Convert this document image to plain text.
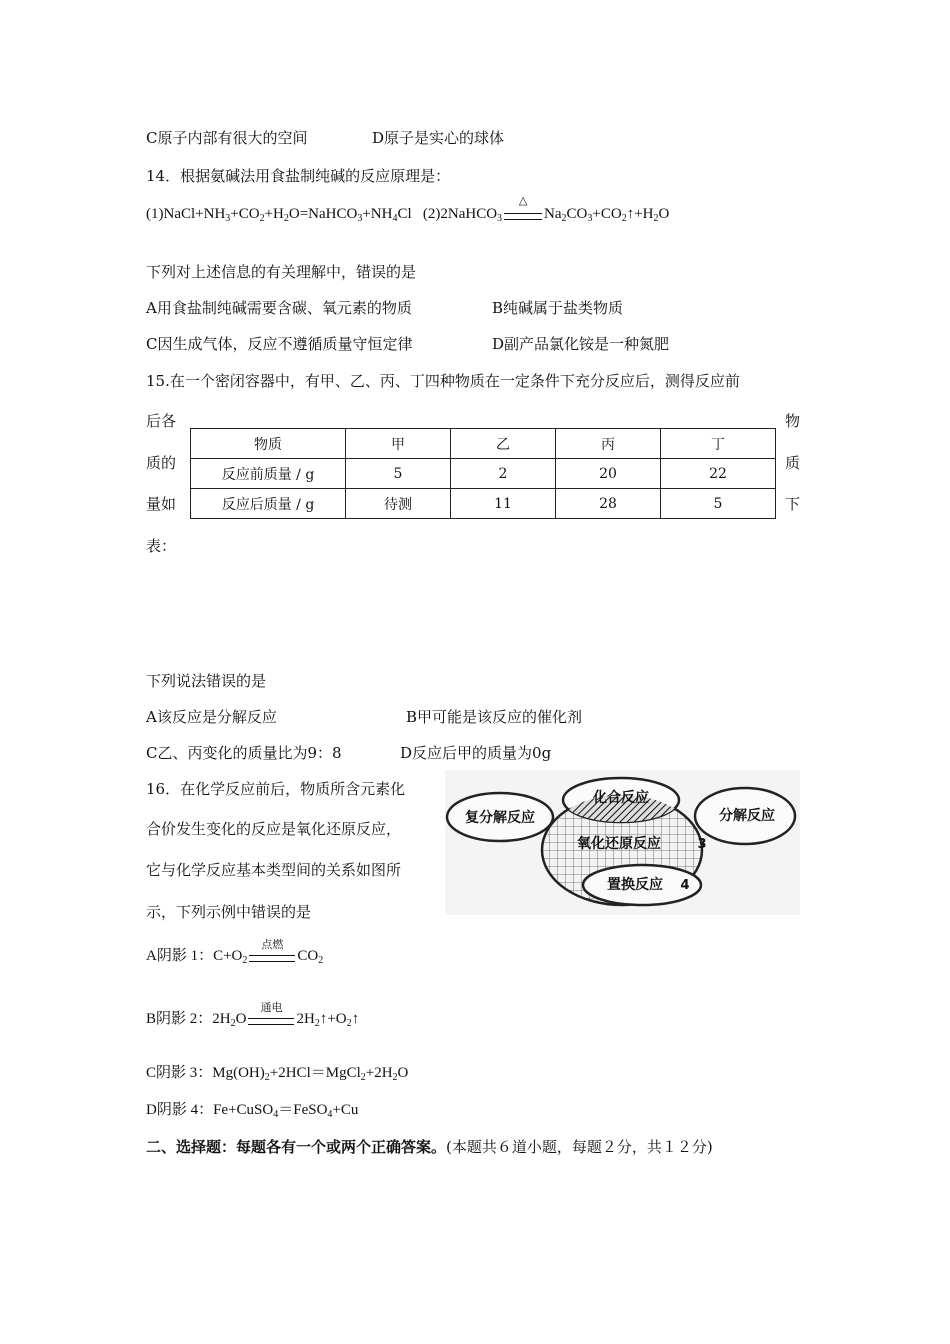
C原子内部有很大的空间	D原子是实心的球体
14．根据氨碱法用食盐制纯碱的反应原理是：
$(1)NaCl+NH_3+CO_2+H_2O=NaHCO_3+NH_4Cl$ (2)2NaHCO$_3$
△
$Na_2CO_3+CO_2↑+H_2O$
下列对上述信息的有关理解中，错误的是
A用食盐制纯碱需要含碳、氧元素的物质	B纯碱属于盐类物质
C因生成气体，反应不遵循质量守恒定律	D副产品氯化铵是一种氮肥
15.在一个密闭容器中，有甲、乙、丙、丁四种物质在一定条件下充分反应后，测得反应前
后各
质的
量如
表：
物
质
下
物质	甲	乙	丙	丁
反应前质量 / g	5	2	20	22
反应后质量 / g	待测	11	28	5
下列说法错误的是
A该反应是分解反应	B甲可能是该反应的催化剂
C乙、丙变化的质量比为9：8	D反应后甲的质量为0g
16．在化学反应前后，物质所含元素化
合价发生变化的反应是氧化还原反应，
它与化学反应基本类型间的关系如图所
示，下列示例中错误的是
化合反应
复分解反应	分解反应
氧化还原反应	3
置换反应 4
A阴影 1：$C+O_2$
点燃
$CO_2$
B阴影 2：$2H_2O$
通电
$2H_2↑+O_2↑$
C阴影 3：$Mg(OH)_2+2HCl=MgCl_2+2H_2O$
D阴影 4：Fe+CuSO$_4$＝FeSO$_4$+Cu
二、选择题：每题各有一个或两个正确答案。(本题共６道小题，每题２分，共１２分)
